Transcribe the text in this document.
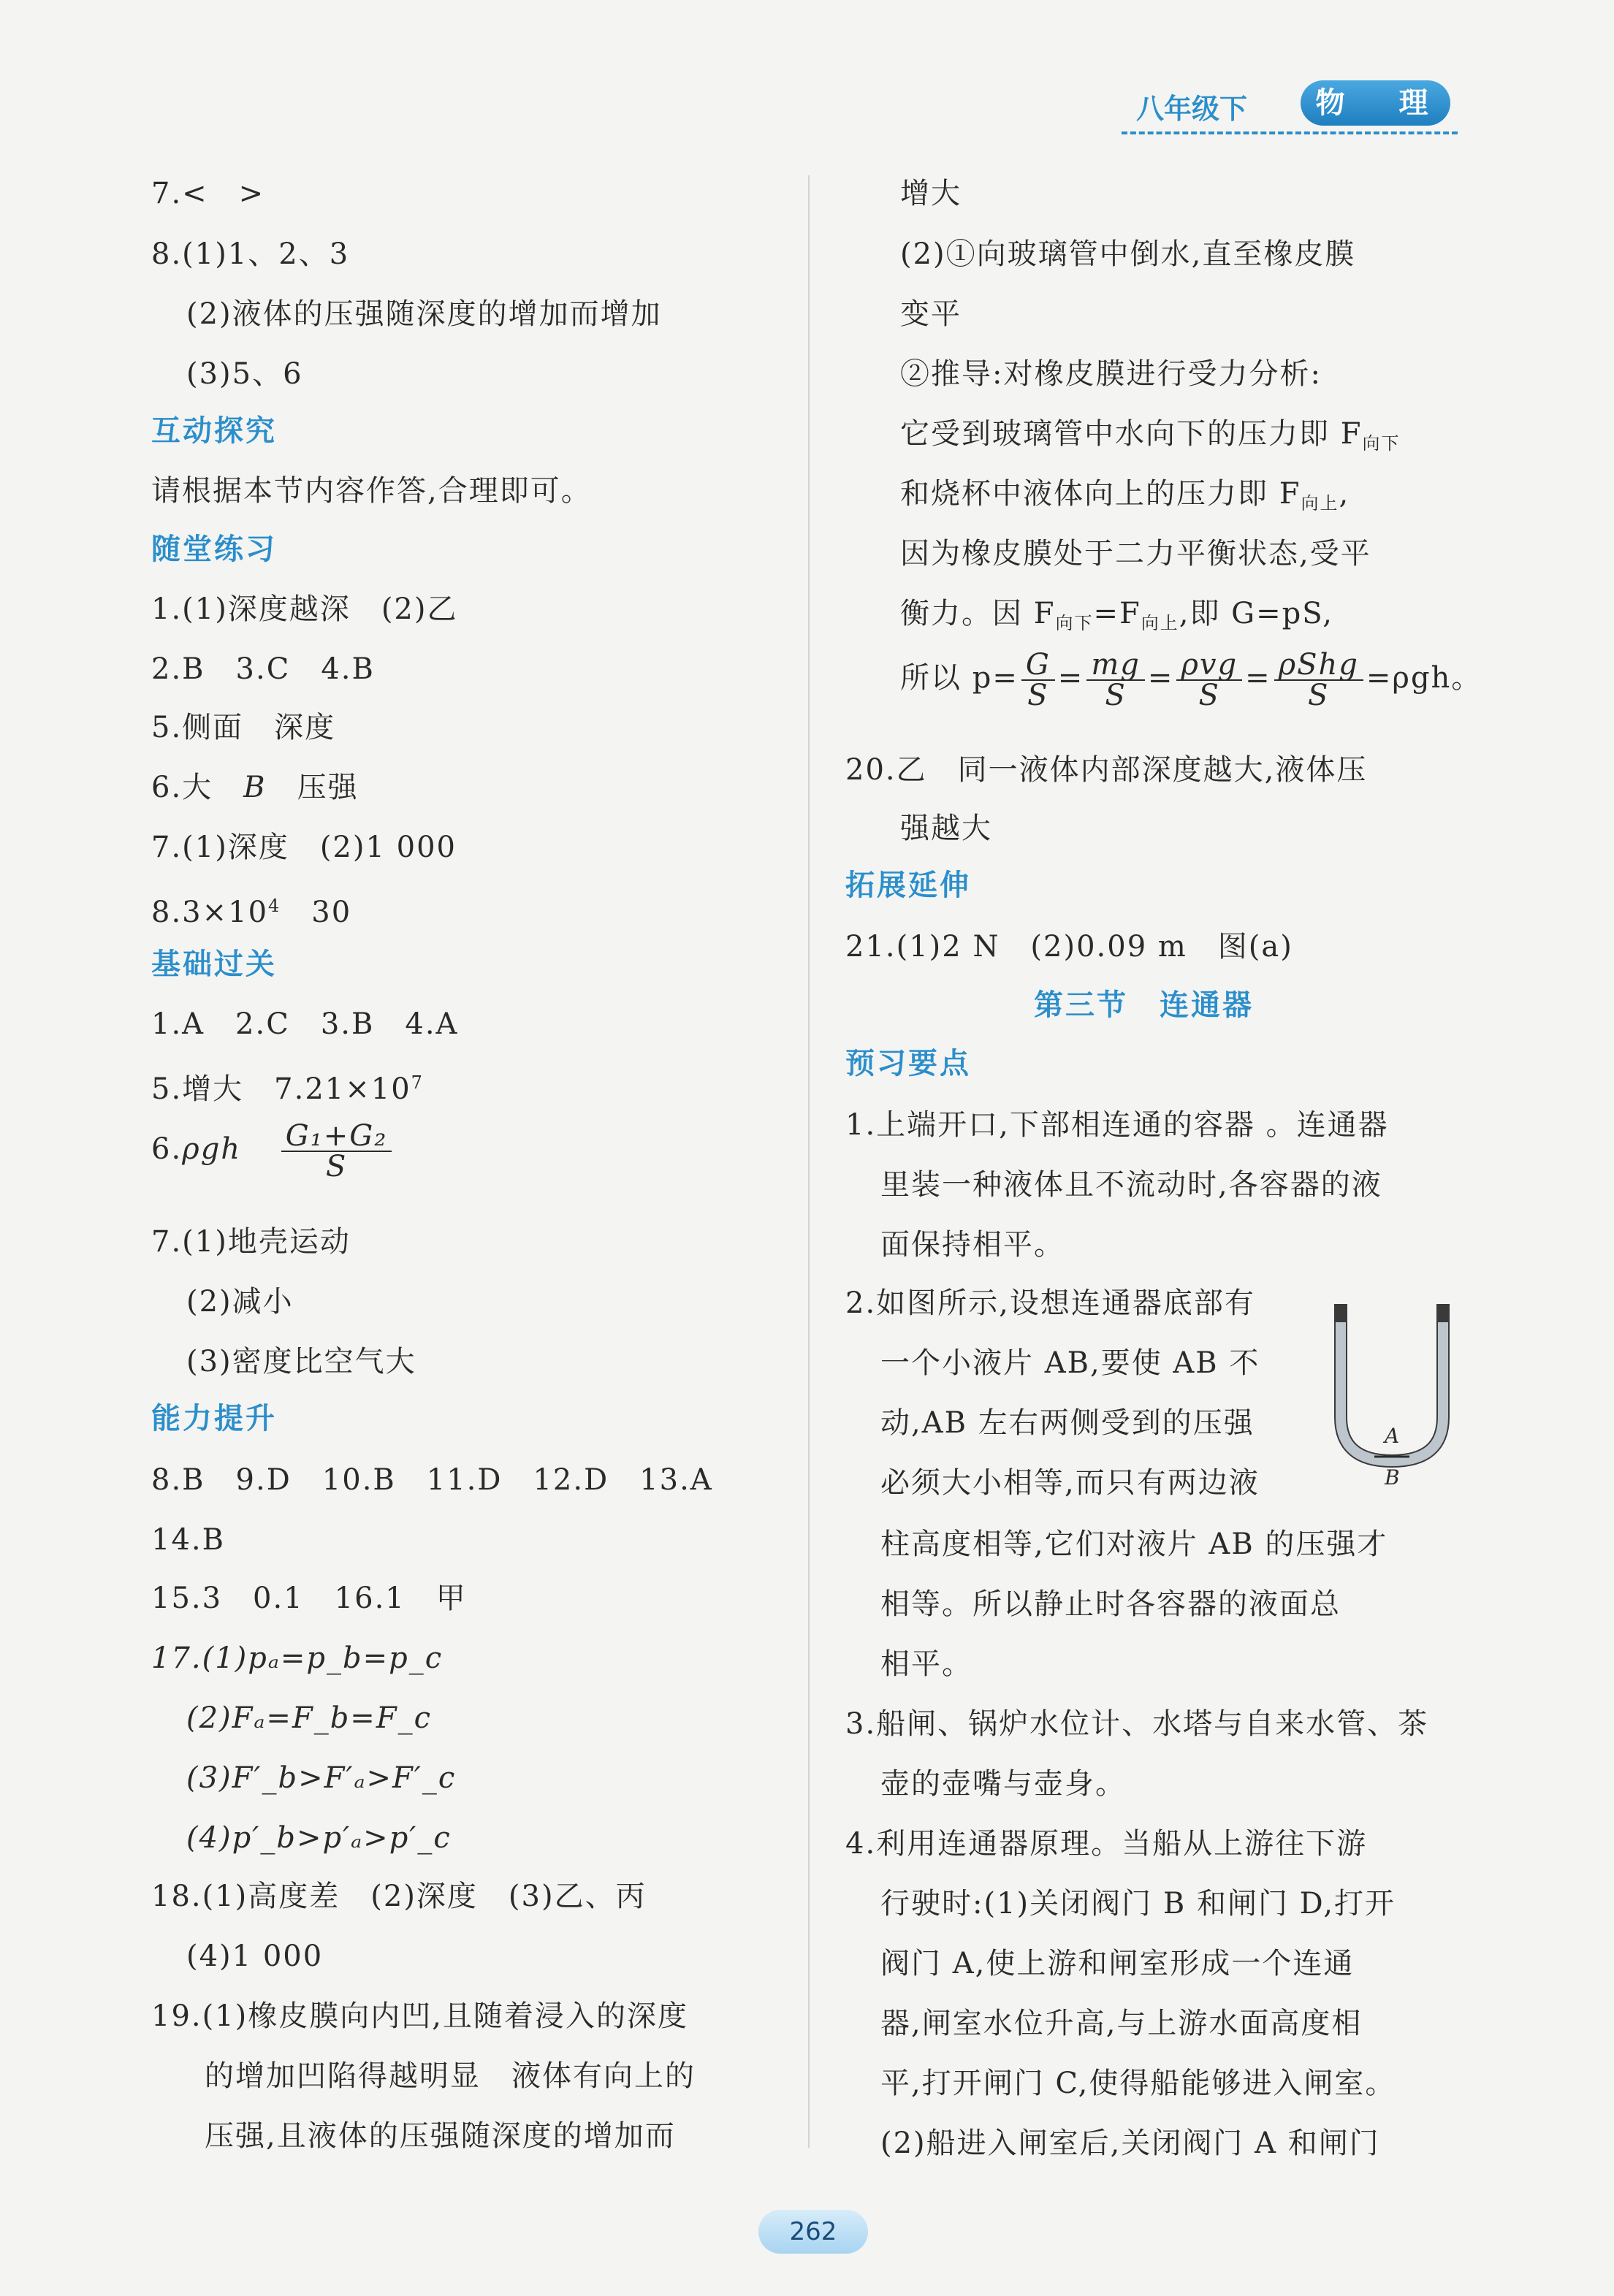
八年级下	物 理
7.<　>
8.(1)1、2、3
(2)液体的压强随深度的增加而增加
(3)5、6
互动探究
请根据本节内容作答,合理即可。
随堂练习
1.(1)深度越深　(2)乙
2.B　3.C　4.B
5.侧面　深度
6.大　B　压强
7.(1)深度　(2)1 000
$8.3\times 10^4$　30
基础过关
1.A　2.C　3.B　4.A
5.增大　$7.21\times 10^7$
$6.\rho gh \frac{\text{G₁+G₂}}{S}$
7.(1)地壳运动
(2)减小
(3)密度比空气大
能力提升
8.B　9.D　10.B　11.D　12.D　13.A
14.B
15.3　0.1　16.1　甲
17.(1)pₐ=p_b=p_c
(2)Fₐ=F_b=F_c
(3)F′_b>F′ₐ>F′_c
(4)p′_b>p′ₐ>p′_c
18.(1)高度差　(2)深度　(3)乙、丙
(4)1 000
19.(1)橡皮膜向内凹,且随着浸入的深度
的增加凹陷得越明显　液体有向上的
压强,且液体的压强随深度的增加而
增大
(2)①向玻璃管中倒水,直至橡皮膜
变平
②推导:对橡皮膜进行受力分析:
它受到玻璃管中水向下的压力即 $F_{向下}$
和烧杯中液体向上的压力即 $F_{向上}$,
因为橡皮膜处于二力平衡状态,受平
衡力。因 $F_{向下}=F_{向上}$,即 G=pS,
所以 $p= \frac{G}{S} = \frac{mg}{S} = \frac{\text{ρvg}}{S} = \frac{\text{ρShg}}{S} =\rho gh$。
20.乙　同一液体内部深度越大,液体压
强越大
拓展延伸
21.(1)2 N　(2)0.09 m　图(a)
第三节　连通器
预习要点
1.上端开口,下部相连通的容器 。连通器
里装一种液体且不流动时,各容器的液
面保持相平。
2.如图所示,设想连通器底部有
一个小液片 AB,要使 AB 不
动,AB 左右两侧受到的压强
必须大小相等,而只有两边液
柱高度相等,它们对液片 AB 的压强才
相等。所以静止时各容器的液面总
相平。
3.船闸、锅炉水位计、水塔与自来水管、茶
壶的壶嘴与壶身。
4.利用连通器原理。当船从上游往下游
行驶时:(1)关闭阀门 B 和闸门 D,打开
阀门 A,使上游和闸室形成一个连通
器,闸室水位升高,与上游水面高度相
平,打开闸门 C,使得船能够进入闸室。
(2)船进入闸室后,关闭阀门 A 和闸门
A
B
262
